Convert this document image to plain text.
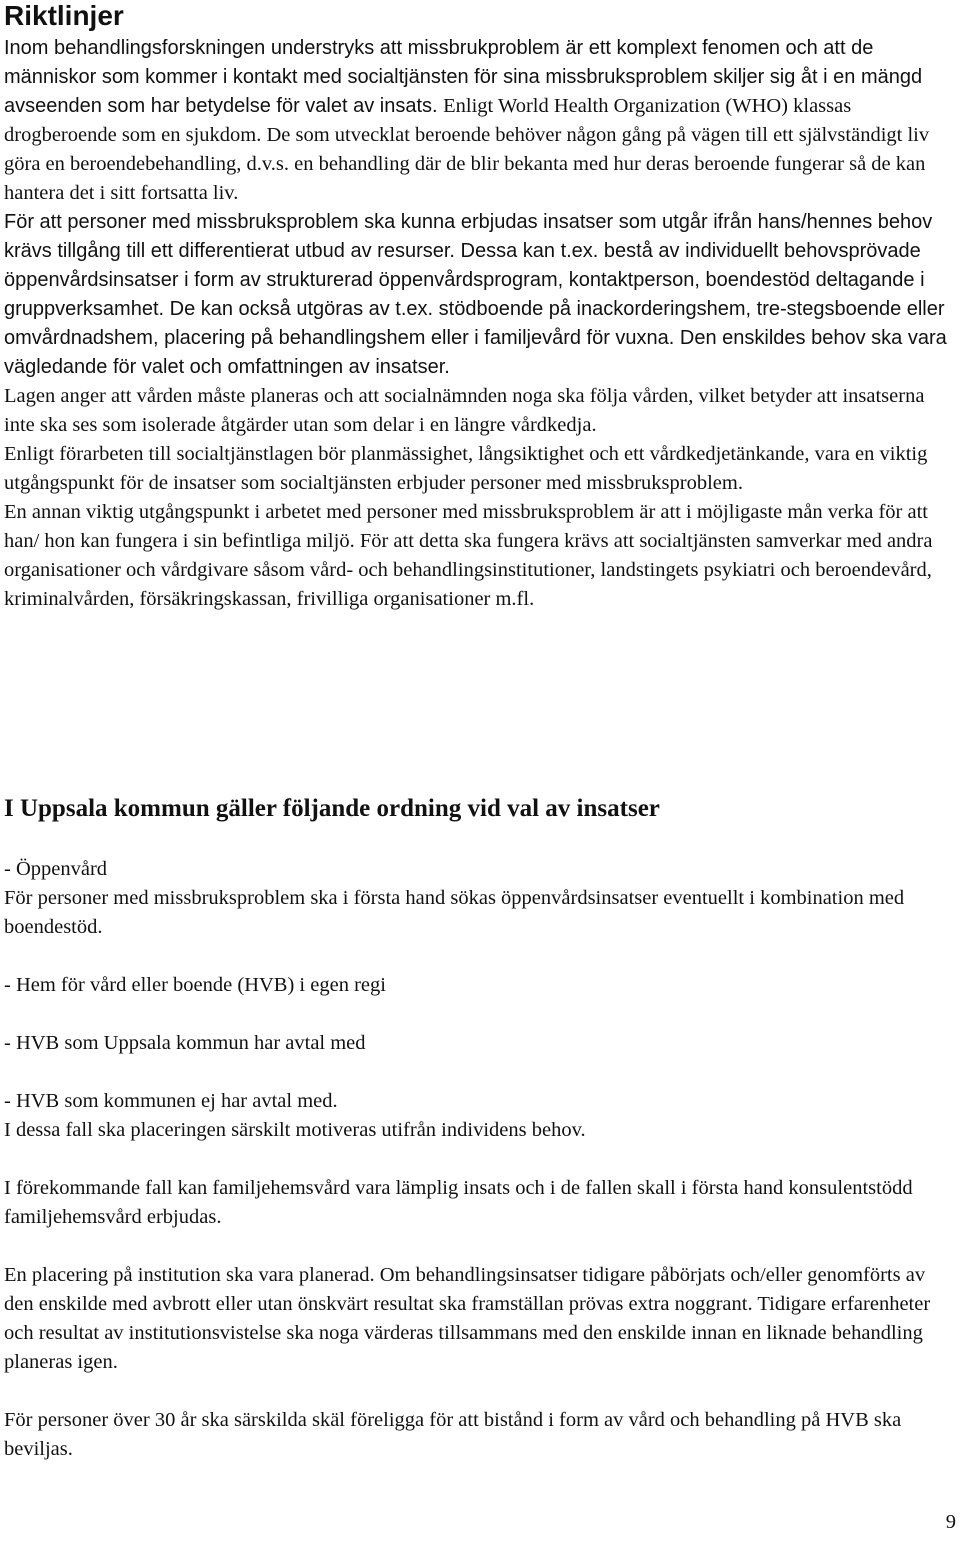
Riktlinjer

Inom behandlingsforskningen understryks att missbrukproblem är ett komplext fenomen och att de människor som kommer i kontakt med socialtjänsten för sina missbruksproblem skiljer sig åt i en mängd avseenden som har betydelse för valet av insats. Enligt World Health Organization (WHO) klassas drogberoende som en sjukdom. De som utvecklat beroende behöver någon gång på vägen till ett självständigt liv göra en beroendebehandling, d.v.s. en behandling där de blir bekanta med hur deras beroende fungerar så de kan hantera det i sitt fortsatta liv.

För att personer med missbruksproblem ska kunna erbjudas insatser som utgår ifrån hans/hennes behov krävs tillgång till ett differentierat utbud av resurser. Dessa kan t.ex. bestå av individuellt behovsprövade öppenvårdsinsatser i form av strukturerad öppenvårdsprogram, kontaktperson, boendestöd deltagande i gruppverksamhet. De kan också utgöras av t.ex. stödboende på inackorderingshem, tre-stegsboende eller omvårdnadshem, placering på behandlingshem eller i familjevård för vuxna. Den enskildes behov ska vara vägledande för valet och omfattningen av insatser.

Lagen anger att vården måste planeras och att socialnämnden noga ska följa vården, vilket betyder att insatserna inte ska ses som isolerade åtgärder utan som delar i en längre vårdkedja.

Enligt förarbeten till socialtjänstlagen bör planmässighet, långsiktighet och ett vårdkedjetänkande, vara en viktig utgångspunkt för de insatser som socialtjänsten erbjuder personer med missbruksproblem.

En annan viktig utgångspunkt i arbetet med personer med missbruksproblem är att i möjligaste mån verka för att han/ hon kan fungera i sin befintliga miljö. För att detta ska fungera krävs att socialtjänsten samverkar med andra organisationer och vårdgivare såsom vård- och behandlingsinstitutioner, landstingets psykiatri och beroendevård, kriminalvården, försäkringskassan, frivilliga organisationer m.fl.

I Uppsala kommun gäller följande ordning vid val av insatser

- Öppenvård

För personer med missbruksproblem ska i första hand sökas öppenvårdsinsatser eventuellt i kombination med boendestöd.

- Hem för vård eller boende (HVB) i egen regi

- HVB som Uppsala kommun har avtal med

- HVB som kommunen ej har avtal med.

I dessa fall ska placeringen särskilt motiveras utifrån individens behov.

I förekommande fall kan familjehemsvård vara lämplig insats och i de fallen skall i första hand konsulentstödd familjehemsvård erbjudas.

En placering på institution ska vara planerad. Om behandlingsinsatser tidigare påbörjats och/eller genomförts av den enskilde med avbrott eller utan önskvärt resultat ska framställan prövas extra noggrant. Tidigare erfarenheter och resultat av institutionsvistelse ska noga värderas tillsammans med den enskilde innan en liknade behandling planeras igen.

För personer över 30 år ska särskilda skäl föreligga för att bistånd i form av vård och behandling på HVB ska beviljas.

9
